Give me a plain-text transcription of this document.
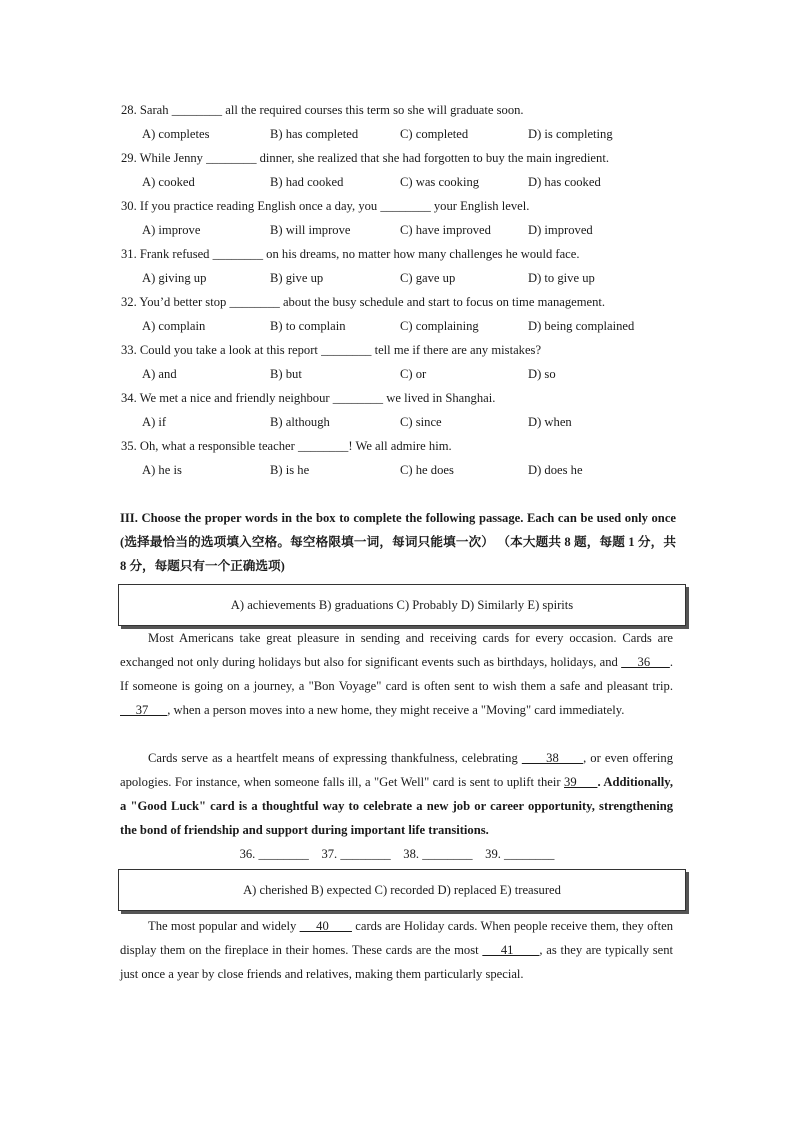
28. Sarah ________ all the required courses this term so she will graduate soon.
A) completes	B) has completed	C) completed	D) is completing
29. While Jenny ________ dinner, she realized that she had forgotten to buy the main ingredient.
A) cooked	B) had cooked	C) was cooking	D) has cooked
30. If you practice reading English once a day, you ________ your English level.
A) improve	B) will improve	C) have improved	D) improved
31. Frank refused ________ on his dreams, no matter how many challenges he would face.
A) giving up	B) give up	C) gave up	D) to give up
32. You’d better stop ________ about the busy schedule and start to focus on time management.
A) complain	B) to complain	C) complaining	D) being complained
33. Could you take a look at this report ________ tell me if there are any mistakes?
A) and	B) but	C) or	D) so
34. We met a nice and friendly neighbour ________ we lived in Shanghai.
A) if	B) although	C) since	D) when
35. Oh, what a responsible teacher ________! We all admire him.
A) he is	B) is he	C) he does	D) does he
III. Choose the proper words in the box to complete the following passage. Each can be used only once (选择最恰当的选项填入空格。每空格限填一词，每词只能填一次） （本大题共 8 题，每题 1 分，共 8 分，每题只有一个正确选项)
A) achievements B) graduations C) Probably D) Similarly E) spirits
Most Americans take great pleasure in sending and receiving cards for every occasion. Cards are exchanged not only during holidays but also for significant events such as birthdays, holidays, and      36      . If someone is going on a journey, a "Bon Voyage" card is often sent to wish them a safe and pleasant trip.      37      , when a person moves into a new home, they might receive a "Moving" card immediately.
Cards serve as a heartfelt means of expressing thankfulness, celebrating       38      , or even offering apologies. For instance, when someone falls ill, a "Get Well" card is sent to uplift their 39      . Additionally, a "Good Luck" card is a thoughtful way to celebrate a new job or career opportunity, strengthening the bond of friendship and support during important life transitions.
36. ________    37. ________    38. ________    39. ________
A) cherished B) expected C) recorded D) replaced E) treasured
The most popular and widely      40        cards are Holiday cards. When people receive them, they often display them on the fireplace in their homes. These cards are the most      41       , as they are typically sent just once a year by close friends and relatives, making them particularly special.
